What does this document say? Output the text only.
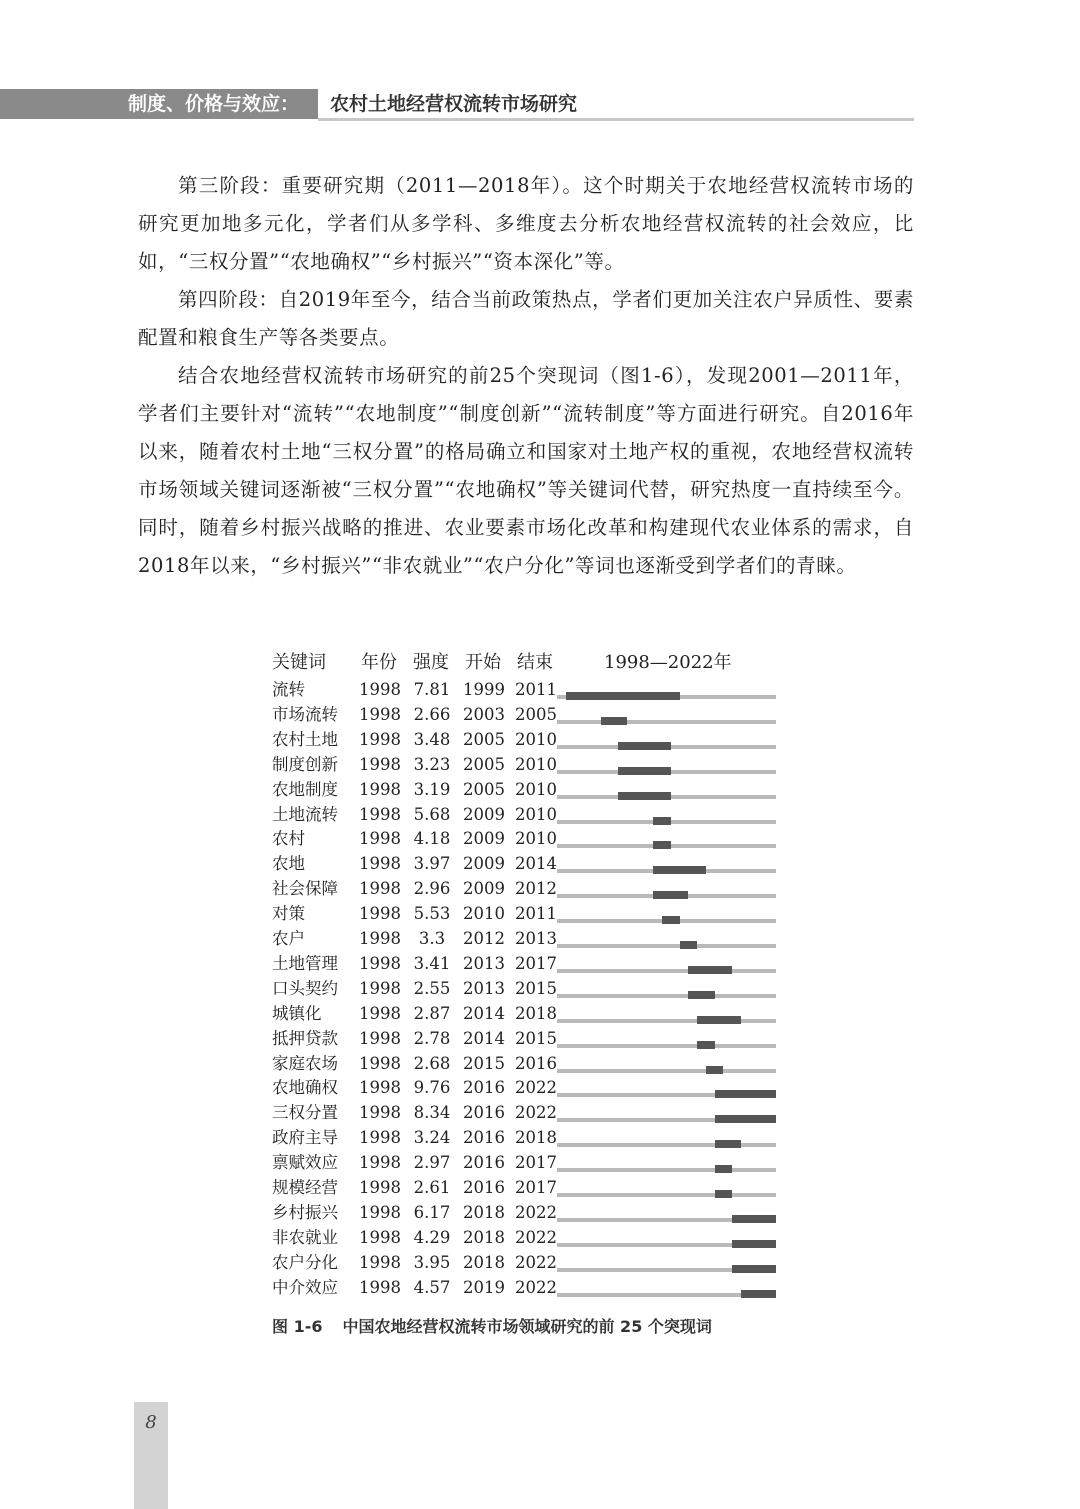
制度、价格与效应： 农村土地经营权流转市场研究

第三阶段：重要研究期（2011—2018年）。这个时期关于农地经营权流转市场的研究更加地多元化，学者们从多学科、多维度去分析农地经营权流转的社会效应，比如，“三权分置”“农地确权”“乡村振兴”“资本深化”等。

第四阶段：自2019年至今，结合当前政策热点，学者们更加关注农户异质性、要素配置和粮食生产等各类要点。

结合农地经营权流转市场研究的前25个突现词（图1-6），发现2001—2011年，学者们主要针对“流转”“农地制度”“制度创新”“流转制度”等方面进行研究。自2016年以来，随着农村土地“三权分置”的格局确立和国家对土地产权的重视，农地经营权流转市场领域关键词逐渐被“三权分置”“农地确权”等关键词代替，研究热度一直持续至今。同时，随着乡村振兴战略的推进、农业要素市场化改革和构建现代农业体系的需求，自2018年以来，“乡村振兴”“非农就业”“农户分化”等词也逐渐受到学者们的青睐。

关键词 年份 强度 开始 结束	1998—2022年
流转	1998 7.81 1999 2011
市场流转	1998 2.66 2003 2005
农村土地	1998 3.48 2005 2010
制度创新	1998 3.23 2005 2010
农地制度	1998 3.19 2005 2010
土地流转	1998 5.68 2009 2010
农村	1998 4.18 2009 2010
农地	1998 3.97 2009 2014
社会保障	1998 2.96 2009 2012
对策	1998 5.53 2010 2011
农户	1998	3.3	2012 2013
土地管理	1998 3.41 2013 2017
口头契约	1998 2.55 2013 2015
城镇化	1998 2.87 2014 2018
抵押贷款	1998 2.78 2014 2015
家庭农场	1998 2.68 2015 2016
农地确权	1998 9.76 2016 2022
三权分置	1998 8.34 2016 2022
政府主导	1998 3.24 2016 2018
禀赋效应	1998 2.97 2016 2017
规模经营	1998 2.61 2016 2017
乡村振兴	1998 6.17 2018 2022
非农就业	1998 4.29 2018 2022
农户分化	1998 3.95 2018 2022
中介效应	1998 4.57 2019 2022
图 1-6 中国农地经营权流转市场领域研究的前 25 个突现词
8
